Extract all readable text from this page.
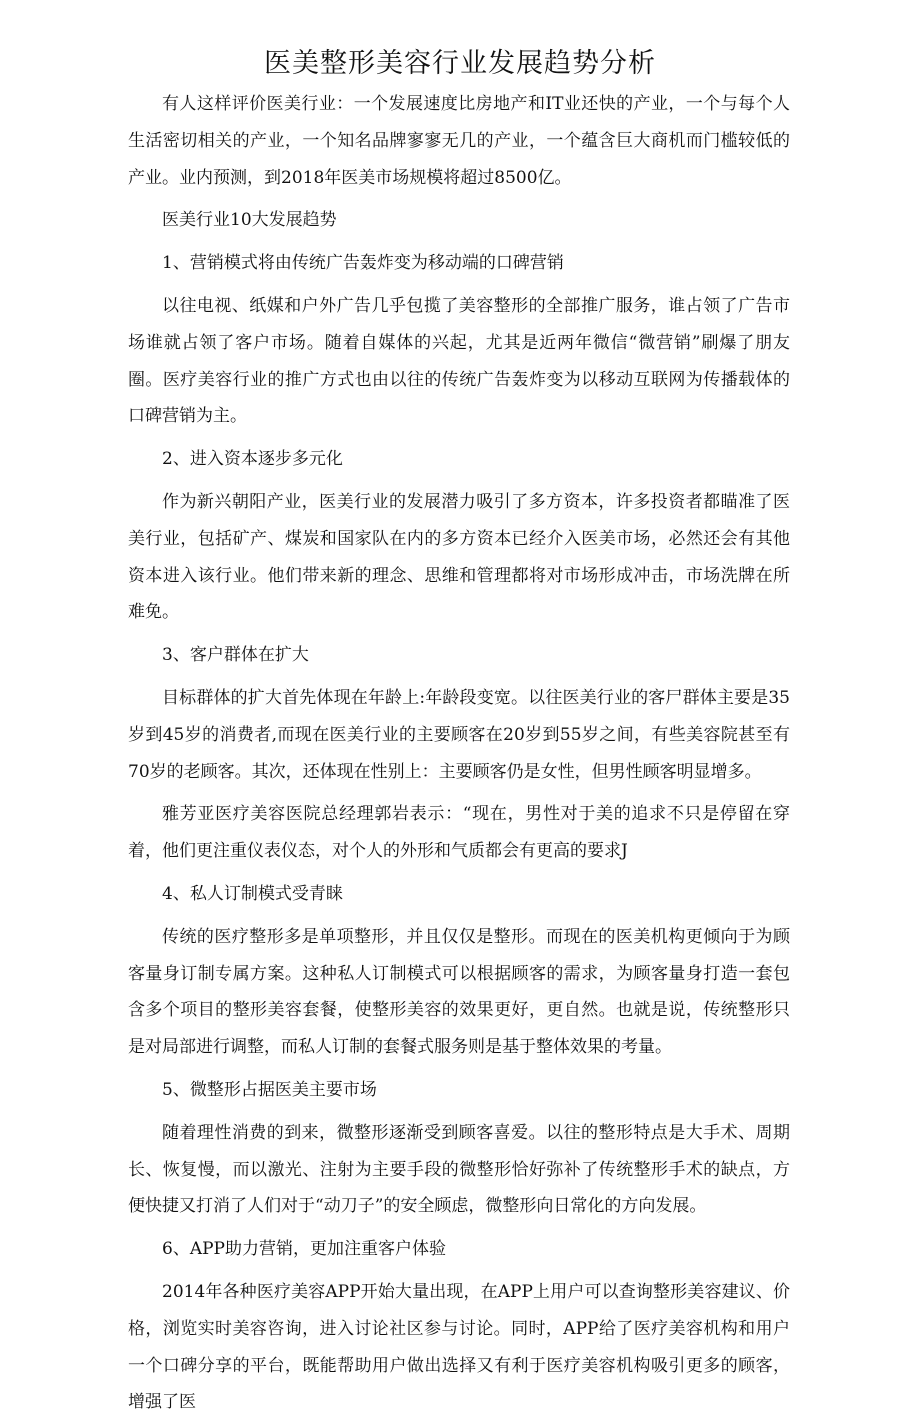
医美整形美容行业发展趋势分析

有人这样评价医美行业：一个发展速度比房地产和IT业还快的产业，一个与每个人生活密切相关的产业，一个知名品牌寥寥无几的产业，一个蕴含巨大商机而门槛较低的产业。业内预测，到2018年医美市场规模将超过8500亿。

医美行业10大发展趋势

1、营销模式将由传统广告轰炸变为移动端的口碑营销

以往电视、纸媒和户外广告几乎包揽了美容整形的全部推广服务，谁占领了广告市场谁就占领了客户市场。随着自媒体的兴起，尤其是近两年微信“微营销”刷爆了朋友圈。医疗美容行业的推广方式也由以往的传统广告轰炸变为以移动互联网为传播载体的口碑营销为主。

2、进入资本逐步多元化

作为新兴朝阳产业，医美行业的发展潜力吸引了多方资本，许多投资者都瞄准了医美行业，包括矿产、煤炭和国家队在内的多方资本已经介入医美市场，必然还会有其他资本进入该行业。他们带来新的理念、思维和管理都将对市场形成冲击，市场洗牌在所难免。

3、客户群体在扩大

目标群体的扩大首先体现在年龄上:年龄段变宽。以往医美行业的客尸群体主要是35岁到45岁的消费者,而现在医美行业的主要顾客在20岁到55岁之间，有些美容院甚至有70岁的老顾客。其次，还体现在性别上：主要顾客仍是女性，但男性顾客明显增多。

雅芳亚医疗美容医院总经理郭岩表示：“现在，男性对于美的追求不只是停留在穿着，他们更注重仪表仪态，对个人的外形和气质都会有更高的要求J

4、私人订制模式受青睐

传统的医疗整形多是单项整形，并且仅仅是整形。而现在的医美机构更倾向于为顾客量身订制专属方案。这种私人订制模式可以根据顾客的需求，为顾客量身打造一套包含多个项目的整形美容套餐，使整形美容的效果更好，更自然。也就是说，传统整形只是对局部进行调整，而私人订制的套餐式服务则是基于整体效果的考量。

5、微整形占据医美主要市场

随着理性消费的到来，微整形逐渐受到顾客喜爱。以往的整形特点是大手术、周期长、恢复慢，而以激光、注射为主要手段的微整形恰好弥补了传统整形手术的缺点，方便快捷又打消了人们对于“动刀子”的安全顾虑，微整形向日常化的方向发展。

6、APP助力营销，更加注重客户体验

2014年各种医疗美容APP开始大量出现，在APP上用户可以查询整形美容建议、价格，浏览实时美容咨询，进入讨论社区参与讨论。同时，APP给了医疗美容机构和用户一个口碑分享的平台，既能帮助用户做出选择又有利于医疗美容机构吸引更多的顾客，增强了医
